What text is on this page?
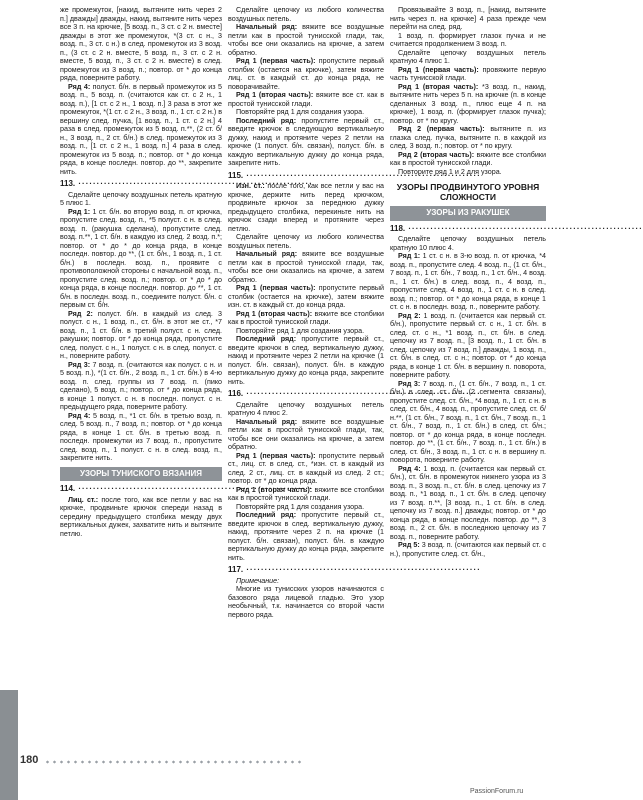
же промежуток, [накид, вытяните нить через 2 п.] дважды] дважды, накид, вытяните нить через все 3 п. на крючке, [5 возд. п., 3 ст. с 2 н. вместе] дважды в этот же промежуток, *(3 ст. с н., 3 возд. п., 3 ст. с н.) в след. промежуток из 3 возд. п., (3 ст. с 2 н. вместе, 5 возд. п., 3 ст. с 2 н. вместе, 5 возд. п., 3 ст. с 2 н. вместе) в след. промежуток из 3 возд. п.; повтор. от * до конца ряда, поверните работу.

Ряд 4: полуст. б/н. в первый промежуток из 5 возд. п., 5 возд. п. (считаются как ст. с 2 н., 1 возд. п.), [1 ст. с 2 н., 1 возд. п.] 3 раза в этот же промежуток, *(1 ст. с 2 н., 3 возд. п., 1 ст. с 2 н.) в вершину след. пучка, [1 возд. п., 1 ст. с 2 н.] 4 раза в след. промежуток из 5 возд. п.**, (2 ст. б/н., 3 возд. п., 2 ст. б/н.) в след. промежуток из 3 возд. п., [1 ст. с 2 н., 1 возд. п.] 4 раза в след. промежуток из 5 возд. п.; повтор. от * до конца ряда, в конце последн. повтор. до **, закрепите нить.

113. ·····

Сделайте цепочку воздушных петель кратную 5 плюс 1.

Ряд 1: 1 ст. б/н. во вторую возд. п. от крючка, пропустите след. возд. п., *5 полуст. с н. в след. возд. п. (ракушка сделана), пропустите след. возд. п.**, 1 ст. б/н. в каждую из след. 2 возд. п.*; повтор. от * до * до конца ряда, в конце последн. повтор. до **, (1 ст. б/н., 1 возд. п., 1 ст. б/н.) в последн. возд. п., проявите с противоположной стороны с начальной возд. п., пропустите след. возд. п.; повтор. от * до * до конца ряда, в конце последн. повтор. до **, 1 ст. б/н. в последн. возд. п., соедините полуст. б/н. с первым ст. б/н.

Ряд 2: полуст. б/н. в каждый из след. 3 полуст. с н., 1 возд. п., ст. б/н. в этот же ст., *7 возд. п., 1 ст. б/н. в третий полуст. с н. след. ракушки; повтор. от * до конца ряда, пропустите след. полуст. с н., 1 полуст. с н. в след. полуст. с н., поверните работу.

Ряд 3: 7 возд. п. (считаются как полуст. с н. и 5 возд. п.), *(1 ст. б/н., 2 возд. п., 1 ст. б/н.) в 4-ю возд. п. след. группы из 7 возд. п. (пико сделано), 5 возд. п.; повтор. от * до конца ряда, в конце 1 полуст. с н. в последн. полуст. с н. предыдущего ряда, поверните работу.

Ряд 4: 5 возд. п., *1 ст. б/н. в третью возд. п. след. 5 возд. п., 7 возд. п.; повтор. от * до конца ряда, в конце 1 ст. б/н. в третью возд. п. последн. промежутки из 7 возд. п., пропустите след. возд. п., 1 полуст. с н. в след. возд. п., закрепите нить.

УЗОРЫ ТУНИСКОГО ВЯЗАНИЯ
114. ·····

Лиц. ст.: после того, как все петли у вас на крючке, продвиньте крючок спереди назад в середину предыдущего столбика между двух вертикальных дужек, захватите нить и вытяните петлю.

Сделайте цепочку из любого количества воздушных петель.

Начальный ряд: вяжите все воздушные петли как в простой тунисской глади, так, чтобы все они оказались на крючке, а затем обратно.

Ряд 1 (первая часть): пропустите первый столбик (остается на крючке), затем вяжите лиц. ст. в каждый ст. до конца ряда, не поворачивайте.

Ряд 1 (вторая часть): вяжите все ст. как в простой тунисской глади.

Повторяйте ряд 1 для создания узора.

Последний ряд: пропустите первый ст., введите крючок в следующую вертикальную дужку, накид и протяните через 2 петли на крючке (1 полуст. б/н. связан), полуст. б/н. в каждую вертикальную дужку до конца ряда, закрепите нить.

115. ·····

Изн. ст.: после того, как все петли у вас на крючке, держите нить перед крючком, продвиньте крючок за переднюю дужку предыдущего столбика, перекиньте нить на крючок сзади вперед и протяните через петлю.

Сделайте цепочку из любого количества воздушных петель.

Начальный ряд: вяжите все воздушные петли как в простой тунисской глади, так, чтобы все они оказались на крючке, а затем обратно.

Ряд 1 (первая часть): пропустите первый столбик (остается на крючке), затем вяжите изн. ст. в каждый ст. до конца ряда.

Ряд 1 (вторая часть): вяжите все столбики как в простой тунисской глади.

Повторяйте ряд 1 для создания узора.

Последний ряд: пропустите первый ст., введите крючок в след. вертикальную дужку, накид и протяните через 2 петли на крючке (1 полуст. б/н. связан), полуст. б/н. в каждую вертикальную дужку до конца ряда, закрепите нить.

116. ·····

Сделайте цепочку воздушных петель кратную 4 плюс 2.

Начальный ряд: вяжите все воздушные петли как в простой тунисской глади, так, чтобы все они оказались на крючке, а затем обратно.

Ряд 1 (первая часть): пропустите первый ст., лиц. ст. в след. ст., *изн. ст. в каждый из след. 2 ст., лиц. ст. в каждый из след. 2 ст.; повтор. от * до конца ряда.

Ряд 1 (вторая часть): вяжите все столбики как в простой тунисской глади.

Повторяйте ряд 1 для создания узора.

Последний ряд: пропустите первый ст., введите крючок в след. вертикальную дужку, накид, протяните через 2 п. на крючке (1 полуст. б/н. связан), полуст. б/н. в каждую вертикальную дужку до конца ряда, закрепите нить.

117. ·····

Примечание:

Многие из тунисских узоров начинаются с базового ряда лицевой гладью. Это узор необычный, т.к. начинается со второй части первого ряда.

Провязывайте 3 возд. п., [накид, вытяните нить через п. на крючке] 4 раза прежде чем перейти на след. ряд.

1 возд. п. формирует глазок пучка и не считается продолжением 3 возд. п.

Сделайте цепочку воздушных петель кратную 4 плюс 1.

Ряд 1 (первая часть): провяжите первую часть тунисской глади.

Ряд 1 (вторая часть): *3 возд. п., накид, вытяните нить через 5 п. на крючке (п. в конце сделанных 3 возд. п., плюс еще 4 п. на крючке), 1 возд. п. (формирует глазок пучка); повтор. от * по кругу.

Ряд 2 (первая часть): вытяните п. из глазка след. пучка, вытяните п. в каждой из след. 3 возд. п.; повтор. от * по кругу.

Ряд 2 (вторая часть): вяжите все столбики как в простой тунисской глади.

Повторите ряд 1 и 2 для узора.

УЗОРЫ ПРОДВИНУТОГО УРОВНЯ СЛОЖНОСТИ
УЗОРЫ ИЗ РАКУШЕК
118. ·····

Сделайте цепочку воздушных петель кратную 10 плюс 4.

Ряд 1: 1 ст. с н. в 3-ю возд. п. от крючка, *4 возд. п., пропустите след. 4 возд. п., (1 ст. б/н., 7 возд. п., 1 ст. б/н., 7 возд. п., 1 ст. б/н., 4 возд. п., 1 ст. б/н.) в след. возд. п., 4 возд. п., пропустите след. 4 возд. п., 1 ст. с н. в след. возд. п.; повтор. от * до конца ряда, в конце 1 ст. с н. в последн. возд. п., поверните работу.

Ряд 2: 1 возд. п. (считается как первый ст. б/н.), пропустите первый ст. с н., 1 ст. б/н. в след. ст. с н., *1 возд. п., ст. б/н. в след. цепочку из 7 возд. п., [3 возд. п., 1 ст. б/н. в след. цепочку из 7 возд. п.] дважды, 1 возд. п., ст. б/н. в след. ст. с н.; повтор. от * до конца ряда, в конце 1 ст. б/н. в вершину п. поворота, поверните работу.

Ряд 3: 7 возд. п., (1 ст. б/н., 7 возд. п., 1 ст. б/н.) в след. ст. б/н. (2 сегмента связаны), пропустите след. ст. б/н., *4 возд. п., 1 ст. с н. в след. ст. б/н., 4 возд. п., пропустите след. ст. б/н.**, (1 ст. б/н., 7 возд. п., 1 ст. б/н., 7 возд. п., 1 ст. б/н., 7 возд. п., 1 ст. б/н.) в след. ст. б/н.; повтор. от * до конца ряда, в конце последн. повтор. до **, (1 ст. б/н., 7 возд. п., 1 ст. б/н.) в след. ст. б/н., 3 возд. п., 1 ст. с н. в вершину п. поворота, поверните работу.

Ряд 4: 1 возд. п. (считается как первый ст. б/н.), ст. б/н. в промежуток нижнего узора из 3 возд. п., 3 возд. п., ст. б/н. в след. цепочку из 7 возд. п., *1 возд. п., 1 ст. б/н. в след. цепочку из 7 возд. п.**, [3 возд. п., 1 ст. б/н. в след. цепочку из 7 возд. п.] дважды; повтор. от * до конца ряда, в конце последн. повтор. до **, 3 возд. п., 2 ст. б/н. в последнюю цепочку из 7 возд. п., поверните работу.

Ряд 5: 3 возд. п. (считаются как первый ст. с н.), пропустите след. ст. б/н.,

180
PassionForum.ru
